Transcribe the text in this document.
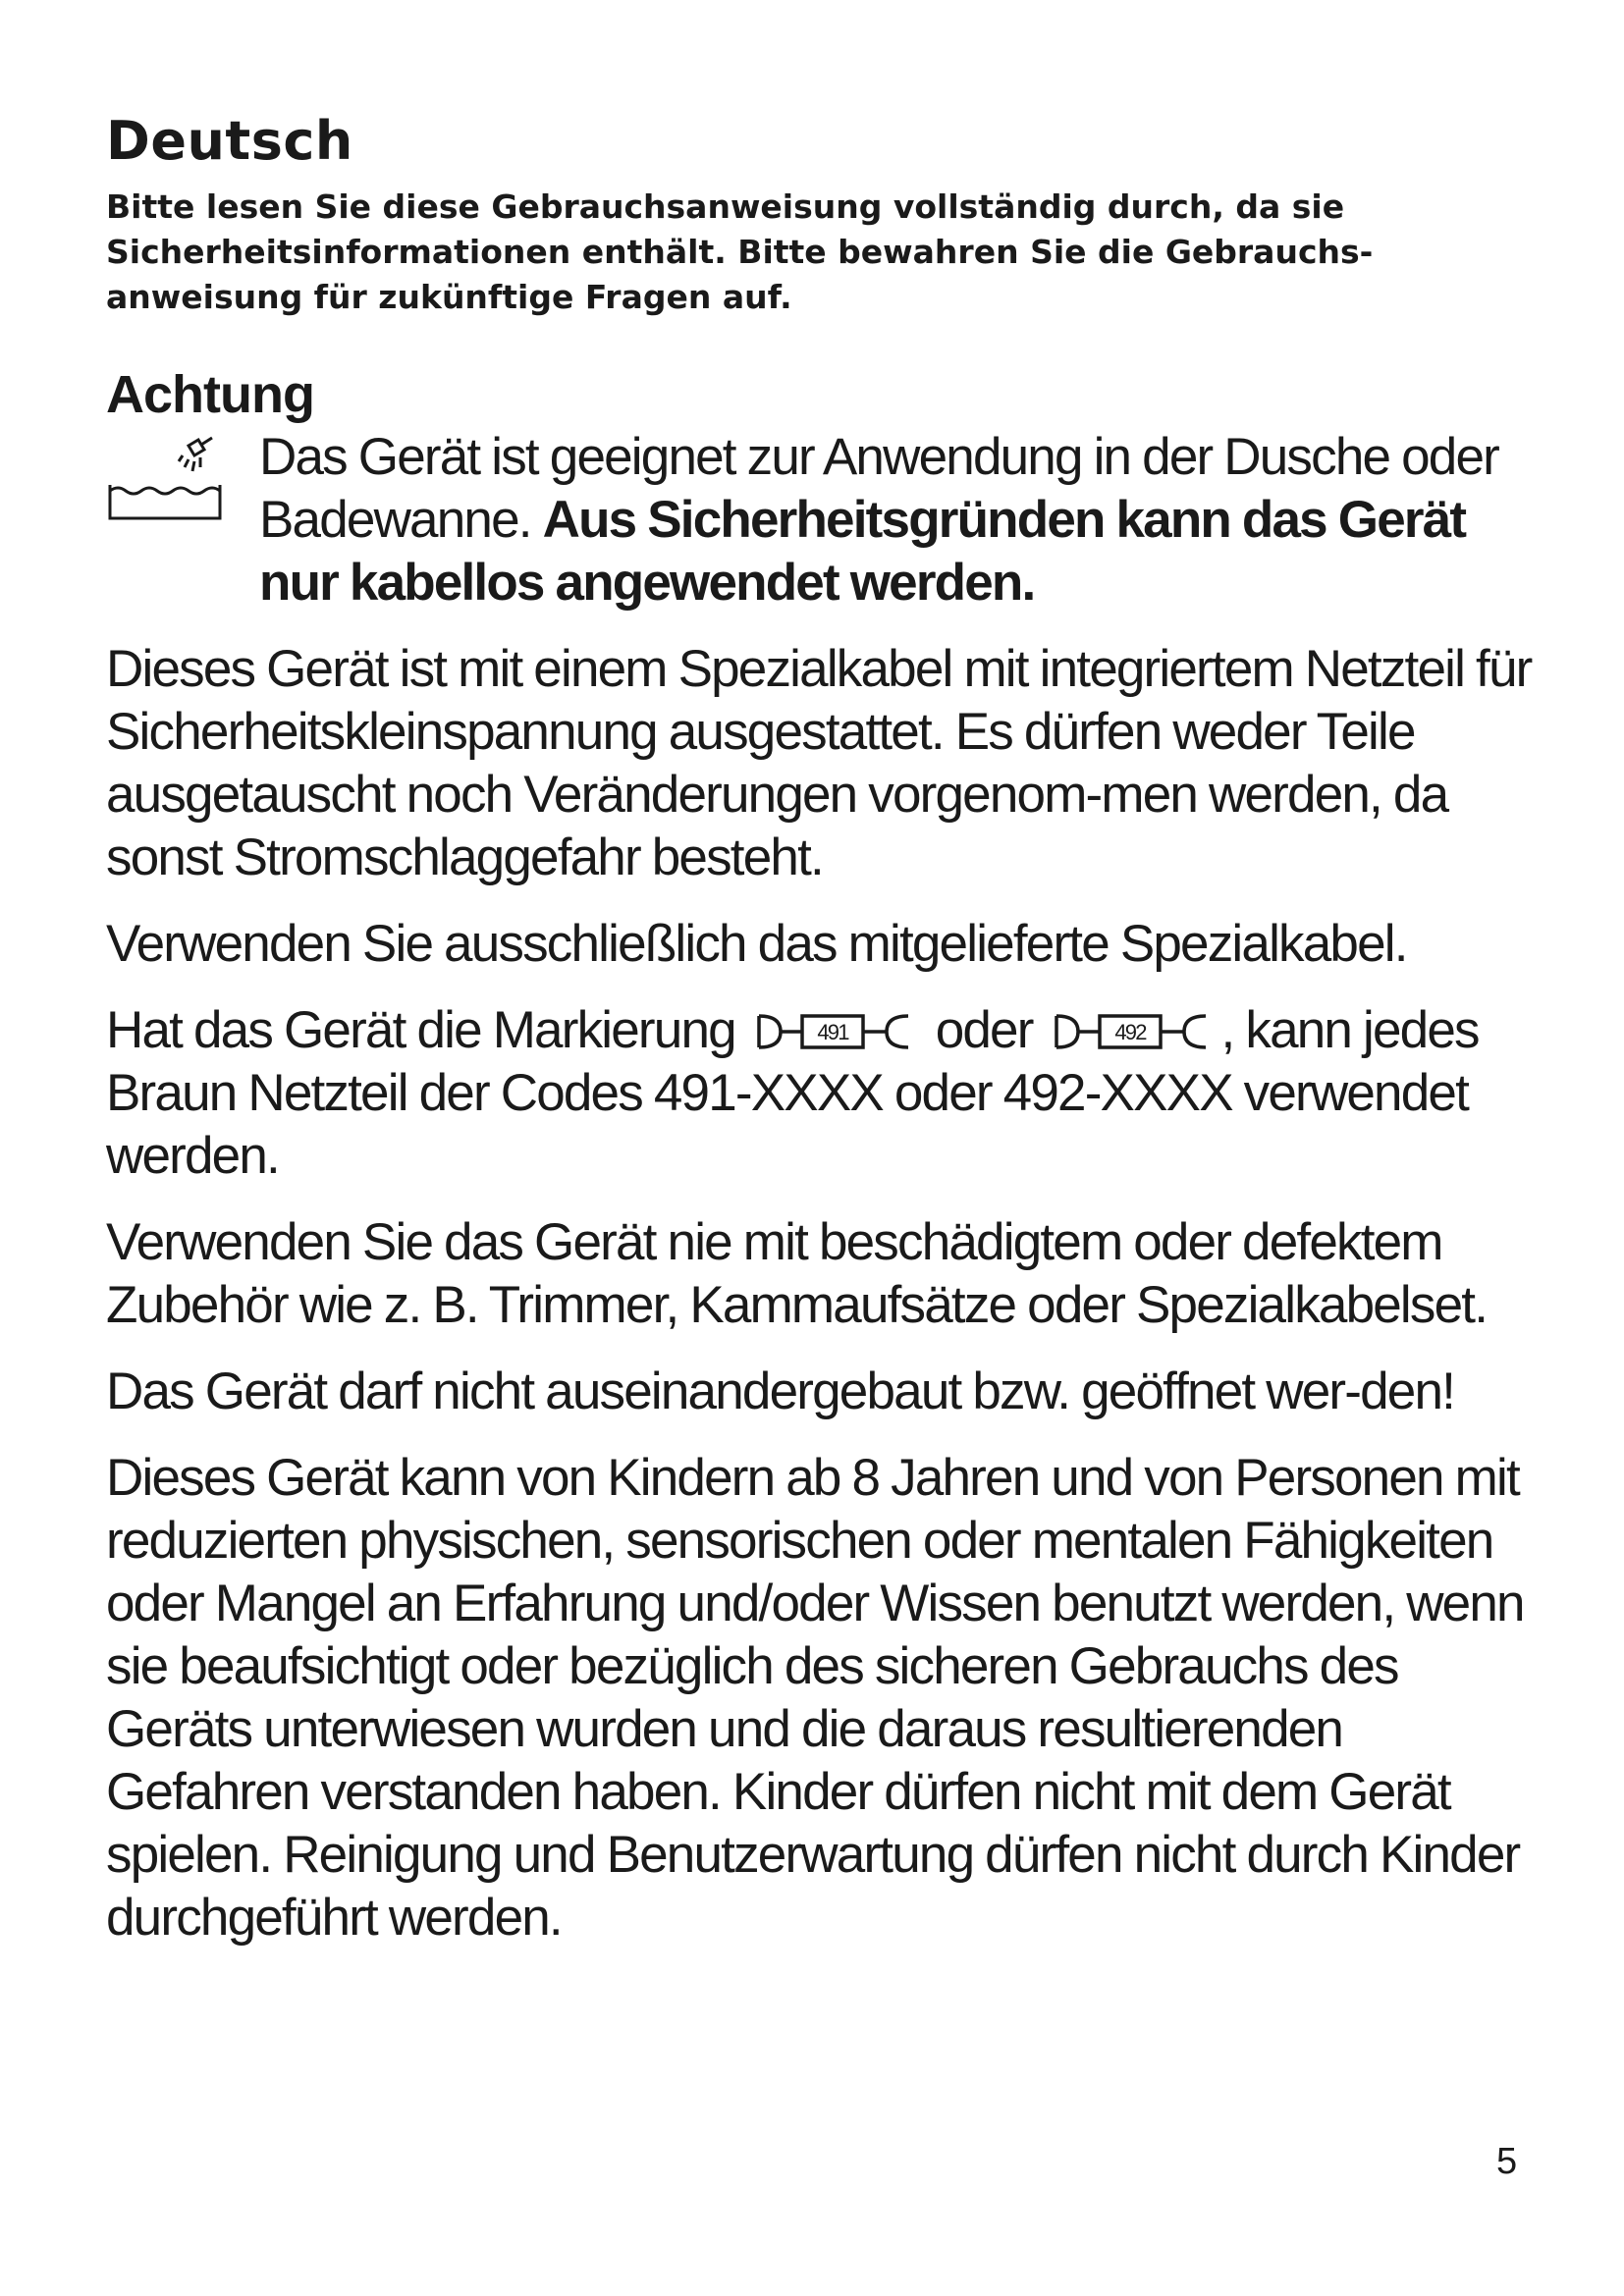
Deutsch
Bitte lesen Sie diese Gebrauchsanweisung vollständig durch, da sie Sicherheitsinformationen enthält. Bitte bewahren Sie die Gebrauchs-anweisung für zukünftige Fragen auf.
Achtung
Das Gerät ist geeignet zur Anwendung in der Dusche oder Badewanne. Aus Sicherheitsgründen kann das Gerät nur kabellos angewendet werden.
Dieses Gerät ist mit einem Spezialkabel mit integriertem Netzteil für Sicherheitskleinspannung ausgestattet. Es dürfen weder Teile ausgetauscht noch Veränderungen vorgenom-men werden, da sonst Stromschlaggefahr besteht.
Verwenden Sie ausschließlich das mitgelieferte Spezialkabel.
Hat das Gerät die Markierung	491 oder	492 , kann jedes Braun Netzteil der Codes 491-XXXX oder 492-XXXX verwendet werden.
Verwenden Sie das Gerät nie mit beschädigtem oder defektem Zubehör wie z. B. Trimmer, Kammaufsätze oder Spezialkabelset.
Das Gerät darf nicht auseinandergebaut bzw. geöffnet wer-den!
Dieses Gerät kann von Kindern ab 8 Jahren und von Personen mit reduzierten physischen, sensorischen oder mentalen Fähigkeiten oder Mangel an Erfahrung und/oder Wissen benutzt werden, wenn sie beaufsichtigt oder bezüglich des sicheren Gebrauchs des Geräts unterwiesen wurden und die daraus resultierenden Gefahren verstanden haben. Kinder dürfen nicht mit dem Gerät spielen. Reinigung und Benutzerwartung dürfen nicht durch Kinder durchgeführt werden.
5
